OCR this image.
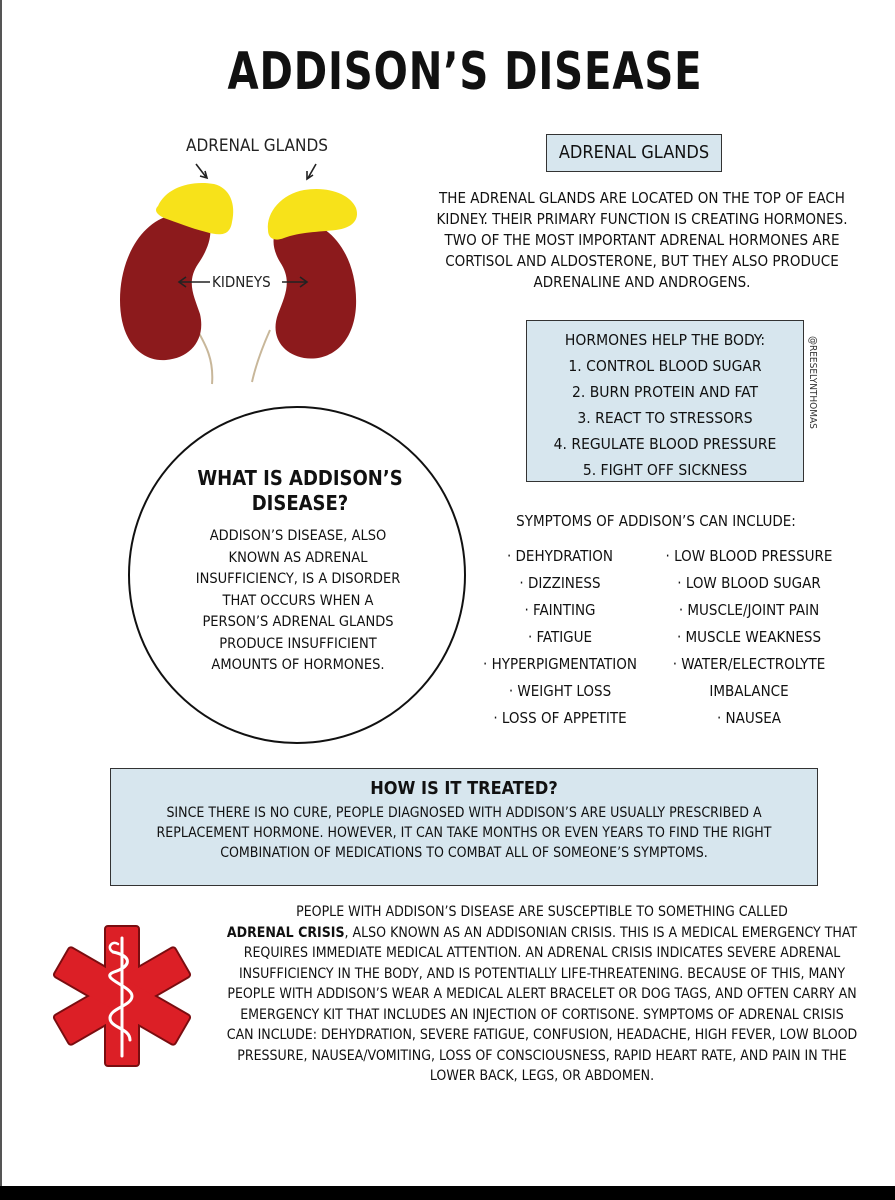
ADDISON’S DISEASE
ADRENAL GLANDS
KIDNEYS
ADRENAL GLANDS
THE ADRENAL GLANDS ARE LOCATED ON THE TOP OF EACH
KIDNEY. THEIR PRIMARY FUNCTION IS CREATING HORMONES.
TWO OF THE MOST IMPORTANT ADRENAL HORMONES ARE
CORTISOL AND ALDOSTERONE, BUT THEY ALSO PRODUCE
ADRENALINE AND ANDROGENS.
HORMONES HELP THE BODY:
1. CONTROL BLOOD SUGAR
2. BURN PROTEIN AND FAT
3. REACT TO STRESSORS
4. REGULATE BLOOD PRESSURE
5. FIGHT OFF SICKNESS
@REESELYNTHOMAS
WHAT IS ADDISON’S
DISEASE?
ADDISON’S DISEASE, ALSO
KNOWN AS ADRENAL
INSUFFICIENCY, IS A DISORDER
THAT OCCURS WHEN A
PERSON’S ADRENAL GLANDS
PRODUCE INSUFFICIENT
AMOUNTS OF HORMONES.
SYMPTOMS OF ADDISON’S CAN INCLUDE:
· DEHYDRATION
· DIZZINESS
· FAINTING
· FATIGUE
· HYPERPIGMENTATION
· WEIGHT LOSS
· LOSS OF APPETITE
· LOW BLOOD PRESSURE
· LOW BLOOD SUGAR
· MUSCLE/JOINT PAIN
· MUSCLE WEAKNESS
· WATER/ELECTROLYTE
IMBALANCE
· NAUSEA
HOW IS IT TREATED?
SINCE THERE IS NO CURE, PEOPLE DIAGNOSED WITH ADDISON’S ARE USUALLY PRESCRIBED A
REPLACEMENT HORMONE. HOWEVER, IT CAN TAKE MONTHS OR EVEN YEARS TO FIND THE RIGHT
COMBINATION OF MEDICATIONS TO COMBAT ALL OF SOMEONE’S SYMPTOMS.
PEOPLE WITH ADDISON’S DISEASE ARE SUSCEPTIBLE TO SOMETHING CALLED
ADRENAL CRISIS, ALSO KNOWN AS AN ADDISONIAN CRISIS. THIS IS A MEDICAL EMERGENCY THAT
REQUIRES IMMEDIATE MEDICAL ATTENTION. AN ADRENAL CRISIS INDICATES SEVERE ADRENAL
INSUFFICIENCY IN THE BODY, AND IS POTENTIALLY LIFE-THREATENING. BECAUSE OF THIS, MANY
PEOPLE WITH ADDISON’S WEAR A MEDICAL ALERT BRACELET OR DOG TAGS, AND OFTEN CARRY AN
EMERGENCY KIT THAT INCLUDES AN INJECTION OF CORTISONE. SYMPTOMS OF ADRENAL CRISIS
CAN INCLUDE: DEHYDRATION, SEVERE FATIGUE, CONFUSION, HEADACHE, HIGH FEVER, LOW BLOOD
PRESSURE, NAUSEA/VOMITING, LOSS OF CONSCIOUSNESS, RAPID HEART RATE, AND PAIN IN THE
LOWER BACK, LEGS, OR ABDOMEN.
